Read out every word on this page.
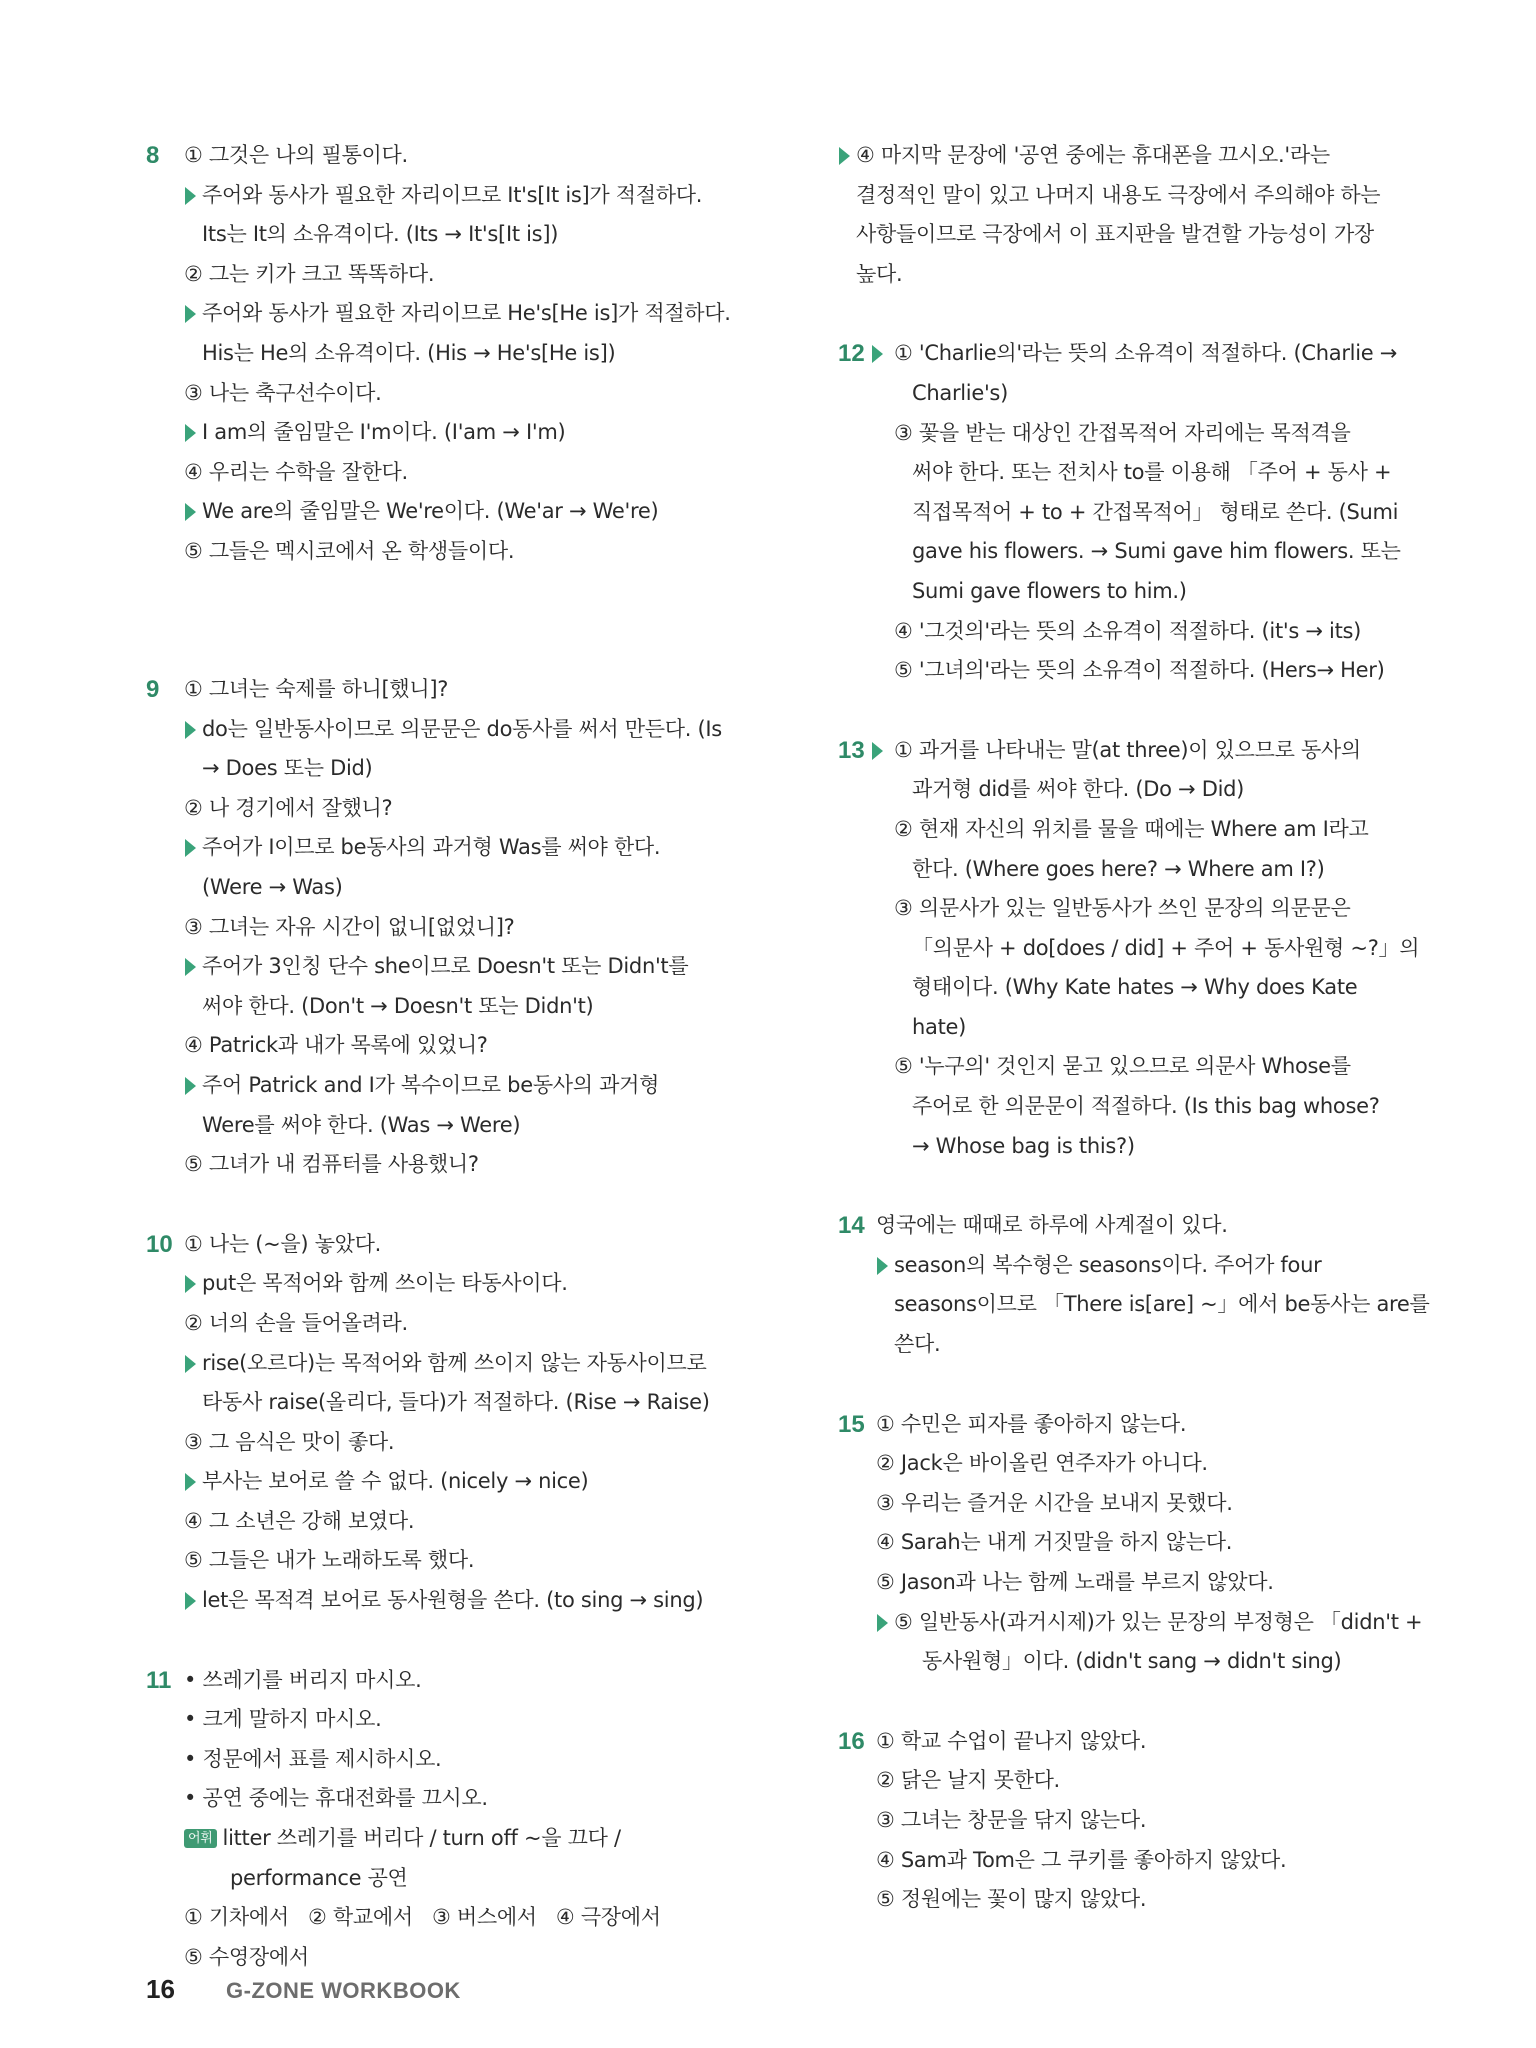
8 ① 그것은 나의 필통이다.
주어와 동사가 필요한 자리이므로 It's[It is]가 적절하다.
Its는 It의 소유격이다. (Its → It's[It is])
② 그는 키가 크고 똑똑하다.
주어와 동사가 필요한 자리이므로 He's[He is]가 적절하다.
His는 He의 소유격이다. (His → He's[He is])
③ 나는 축구선수이다.
I am의 줄임말은 I'm이다. (I'am → I'm)
④ 우리는 수학을 잘한다.
We are의 줄임말은 We're이다. (We'ar → We're)
⑤ 그들은 멕시코에서 온 학생들이다.
9 ① 그녀는 숙제를 하니[했니]?
do는 일반동사이므로 의문문은 do동사를 써서 만든다. (Is
→ Does 또는 Did)
② 나 경기에서 잘했니?
주어가 I이므로 be동사의 과거형 Was를 써야 한다.
(Were → Was)
③ 그녀는 자유 시간이 없니[없었니]?
주어가 3인칭 단수 she이므로 Doesn't 또는 Didn't를
써야 한다. (Don't → Doesn't 또는 Didn't)
④ Patrick과 내가 목록에 있었니?
주어 Patrick and I가 복수이므로 be동사의 과거형
Were를 써야 한다. (Was → Were)
⑤ 그녀가 내 컴퓨터를 사용했니?
10 ① 나는 (~을) 놓았다.
put은 목적어와 함께 쓰이는 타동사이다.
② 너의 손을 들어올려라.
rise(오르다)는 목적어와 함께 쓰이지 않는 자동사이므로
타동사 raise(올리다, 들다)가 적절하다. (Rise → Raise)
③ 그 음식은 맛이 좋다.
부사는 보어로 쓸 수 없다. (nicely → nice)
④ 그 소년은 강해 보였다.
⑤ 그들은 내가 노래하도록 했다.
let은 목적격 보어로 동사원형을 쓴다. (to sing → sing)
11 • 쓰레기를 버리지 마시오.
• 크게 말하지 마시오.
• 정문에서 표를 제시하시오.
• 공연 중에는 휴대전화를 끄시오.
어휘 litter 쓰레기를 버리다 / turn off ~을 끄다 /
performance 공연
① 기차에서   ② 학교에서   ③ 버스에서   ④ 극장에서
⑤ 수영장에서
④ 마지막 문장에 '공연 중에는 휴대폰을 끄시오.'라는
결정적인 말이 있고 나머지 내용도 극장에서 주의해야 하는
사항들이므로 극장에서 이 표지판을 발견할 가능성이 가장
높다.
12 ① 'Charlie의'라는 뜻의 소유격이 적절하다. (Charlie →
Charlie's)
③ 꽃을 받는 대상인 간접목적어 자리에는 목적격을
써야 한다. 또는 전치사 to를 이용해 「주어 + 동사 +
직접목적어 + to + 간접목적어」 형태로 쓴다. (Sumi
gave his flowers. → Sumi gave him flowers. 또는
Sumi gave flowers to him.)
④ '그것의'라는 뜻의 소유격이 적절하다. (it's → its)
⑤ '그녀의'라는 뜻의 소유격이 적절하다. (Hers→ Her)
13 ① 과거를 나타내는 말(at three)이 있으므로 동사의
과거형 did를 써야 한다. (Do → Did)
② 현재 자신의 위치를 물을 때에는 Where am I라고
한다. (Where goes here? → Where am I?)
③ 의문사가 있는 일반동사가 쓰인 문장의 의문문은
「의문사 + do[does / did] + 주어 + 동사원형 ~?」의
형태이다. (Why Kate hates → Why does Kate
hate)
⑤ '누구의' 것인지 묻고 있으므로 의문사 Whose를
주어로 한 의문문이 적절하다. (Is this bag whose?
→ Whose bag is this?)
14 영국에는 때때로 하루에 사계절이 있다.
season의 복수형은 seasons이다. 주어가 four
seasons이므로 「There is[are] ~」에서 be동사는 are를
쓴다.
15 ① 수민은 피자를 좋아하지 않는다.
② Jack은 바이올린 연주자가 아니다.
③ 우리는 즐거운 시간을 보내지 못했다.
④ Sarah는 내게 거짓말을 하지 않는다.
⑤ Jason과 나는 함께 노래를 부르지 않았다.
⑤ 일반동사(과거시제)가 있는 문장의 부정형은 「didn't +
동사원형」이다. (didn't sang → didn't sing)
16 ① 학교 수업이 끝나지 않았다.
② 닭은 날지 못한다.
③ 그녀는 창문을 닦지 않는다.
④ Sam과 Tom은 그 쿠키를 좋아하지 않았다.
⑤ 정원에는 꽃이 많지 않았다.
16 G-ZONE WORKBOOK
